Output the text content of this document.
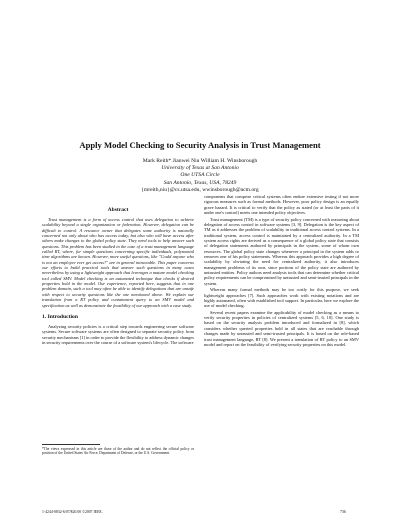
Apply Model Checking to Security Analysis in Trust Management
Mark Reith* Jianwei Niu William H. Winsborough
University of Texas at San Antonio
One UTSA Circle
San Antonio, Texas, USA, 78249
{mreith,niu}@cs.utsa.edu, wwinsborough@acm.org
Abstract

Trust management is a form of access control that uses delegation to achieve scalability beyond a single organization or federation. However, delegation can be difficult to control. A resource owner that delegates some authority is naturally concerned not only about who has access today, but also who will have access after others make changes to the global policy state. They need tools to help answer such questions. This problem has been studied in the case of a trust management language called RT, where, for simple questions concerning specific individuals, polynomial time algorithms are known. However, more useful questions, like "Could anyone who is not an employee ever get access?" are in general intractable. This paper concerns our efforts to build practical tools that answer such questions in many cases nevertheless by using a lightweight approach that leverages a mature model checking tool called SMV. Model checking is an automated technique that checks if desired properties hold in the model. Our experience, reported here, suggests that in one problem domain, such a tool may often be able to identify delegations that are unsafe with respect to security questions like the one mentioned above. We explain our translation from a RT policy and containment query to an SMV model and specification as well as demonstrate the feasibility of our approach with a case study.

1. Introduction

Analyzing security policies is a critical step towards engineering secure software systems. Secure software systems are often designed to separate security policy from security mechanisms [1] in order to provide the flexibility to address dynamic changes in security requirements over the course of a software system's lifecycle. The software

*The views expressed in this article are those of the author and do not reflect the official policy or position of the United States Air Force, Department of Defense, or the U.S. Government.

components that comprise critical systems often endure extensive testing if not more rigorous measures such as formal methods. However, poor policy design is an equally grave hazard. It is critical to verify that the policy as stated (or at least the parts of it under one's control) meets one intended policy objectives.

Trust management (TM) is a type of security policy concerned with reasoning about delegation of access control in software systems [3, 9]. Delegation is the key aspect of TM as it addresses the problem of scalability in traditional access control systems. In a traditional system, access control is maintained by a centralized authority. In a TM system access rights are derived as a consequence of a global policy state that consists of delegation statements authored by principals in the system, some of whom own resources. The global policy state changes whenever a principal in the system adds or removes one of his policy statements. Whereas this approach provides a high degree of scalability by obviating the need for centralized authority, it also introduces management problems of its own, since portions of the policy state are authored by untrusted entities. Policy authors need analysis tools that can determine whether critical policy requirements can be compromised by untrusted and semi-trusted principals in the system.

Whereas many formal methods may be too costly for this purpose, we seek lightweight approaches [7]. Such approaches work with existing notations and are highly automated, often with established tool support. In particular, here we explore the use of model checking.

Several recent papers examine the applicability of model checking as a means to verify security properties in policies of centralized systems [5, 6, 10]. One study is based on the security analysis problem introduced and formalized in [8], which considers whether queried properties hold in all states that are reachable through changes made by untrusted and semi-trusted principals. It is based on the role-based trust management language, RT [8]. We present a translation of RT policy to an SMV model and report on the feasibility of verifying security properties on this model.

1-4244-0832-6/07/$20.00 ©2007 IEEE.	736
